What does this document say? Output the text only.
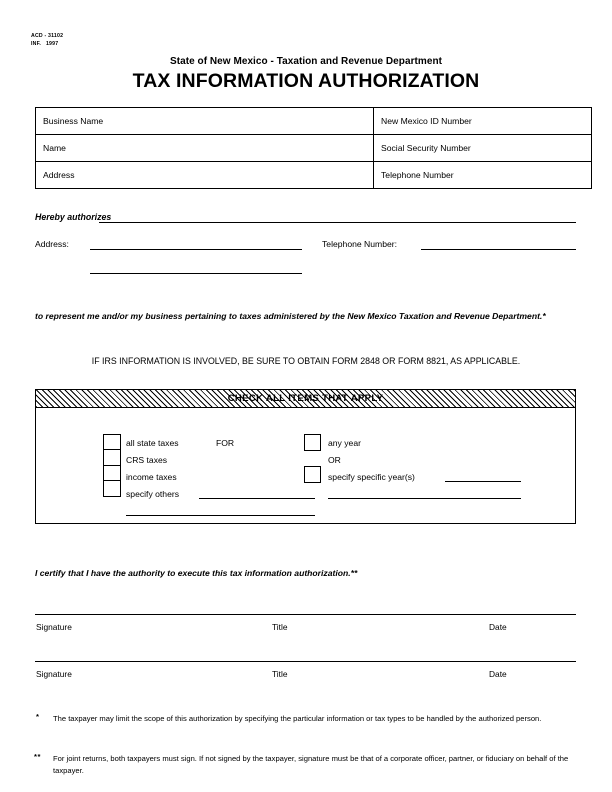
ACD - 31102
INF.   1997
State of New Mexico - Taxation and Revenue Department
TAX INFORMATION AUTHORIZATION
Business Name	New Mexico ID Number
Name	Social Security Number
Address	Telephone Number
Hereby authorizes
Address:	Telephone Number:
to represent me and/or my business pertaining to taxes administered by the New Mexico Taxation and Revenue Department.*
IF IRS INFORMATION IS INVOLVED, BE SURE TO OBTAIN FORM 2848 OR FORM 8821, AS APPLICABLE.
CHECK ALL ITEMS THAT APPLY
all state taxes
CRS taxes
income taxes
specify others
FOR	any year
OR
specify specific year(s)
I certify that I have the authority to execute this tax information authorization.**
Signature	Title	Date
Signature	Title	Date
* The taxpayer may limit the scope of this authorization by specifying the particular information or tax types to be handled by the authorized person.
** For joint returns, both taxpayers must sign. If not signed by the taxpayer, signature must be that of a corporate officer, partner, or fiduciary on behalf of the taxpayer.
